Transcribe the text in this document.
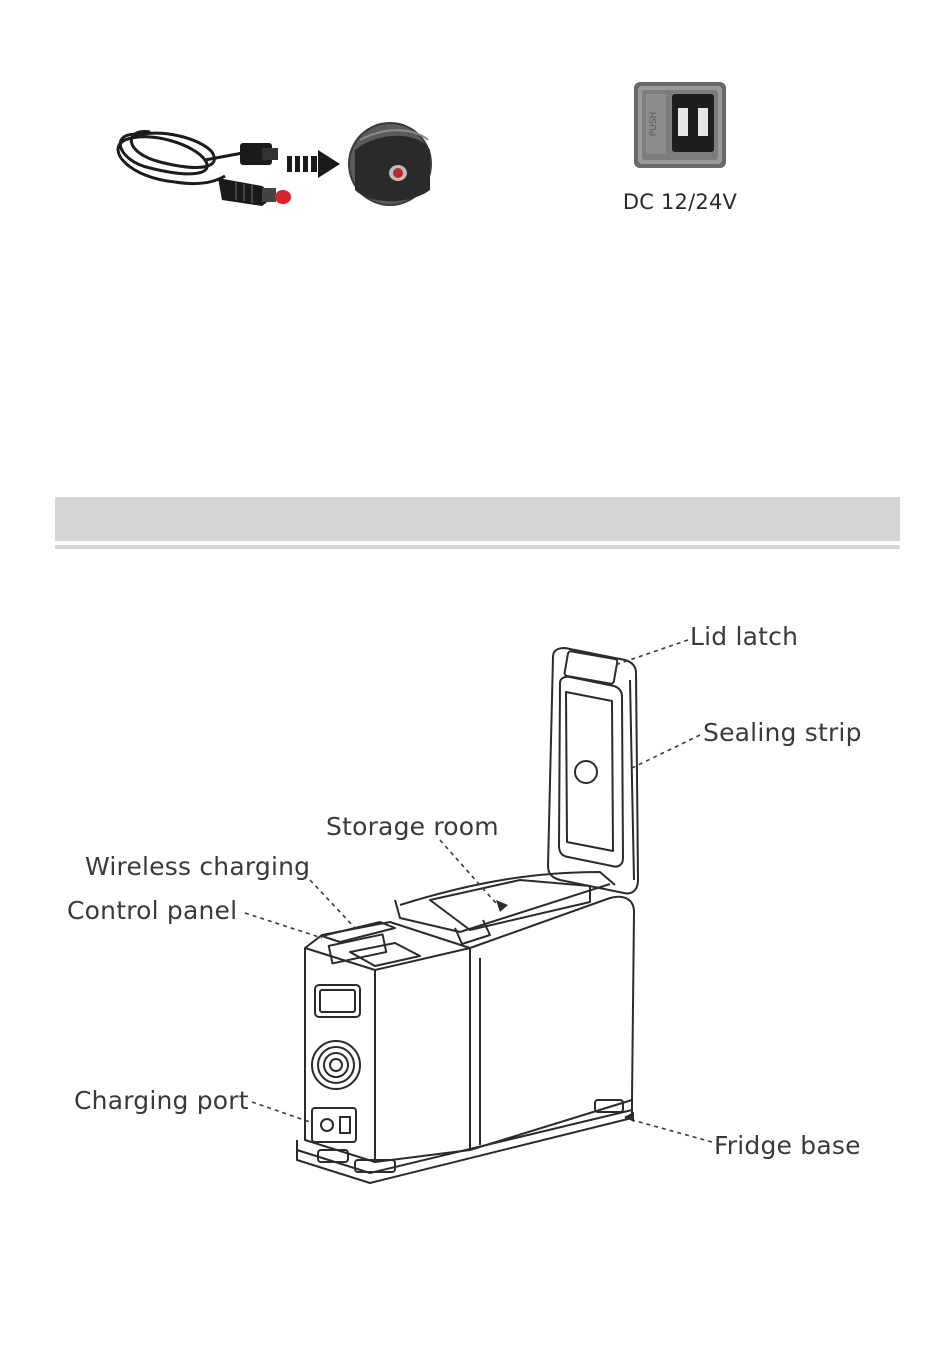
PUSH
DC 12/24V
Lid latch
Sealing strip
Storage room
Wireless charging
Control panel
Charging port
Fridge base
